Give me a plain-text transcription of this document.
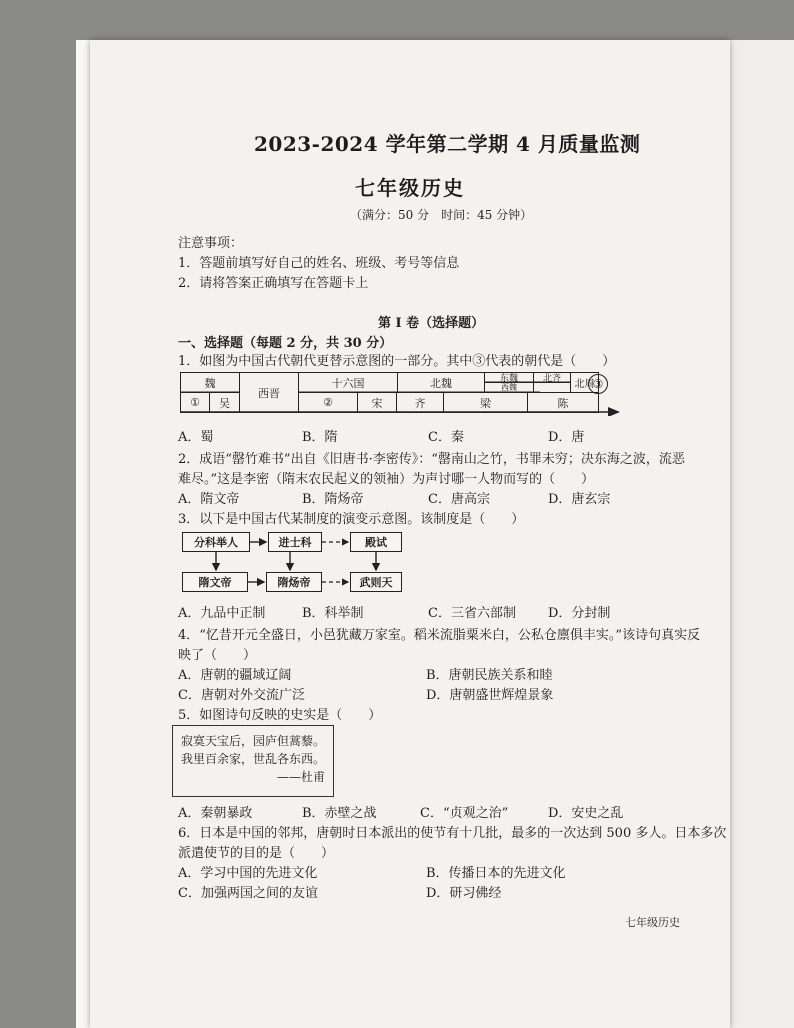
2023-2024 学年第二学期 4 月质量监测
七年级历史
（满分：50 分　时间：45 分钟）
注意事项：
1．答题前填写好自己的姓名、班级、考号等信息
2．请将答案正确填写在答题卡上
第 I 卷（选择题）
一、选择题（每题 2 分，共 30 分）
1．如图为中国古代朝代更替示意图的一部分。其中③代表的朝代是（　　）
魏
①	吴
西晋
十六国	北魏	东魏
西魏
北齐	北周
②	宋	齐	梁	陈
③
A．蜀	B．隋	C．秦	D．唐
2．成语“罄竹难书”出自《旧唐书·李密传》：“罄南山之竹，书罪未穷；决东海之波，流恶
难尽。”这是李密（隋末农民起义的领袖）为声讨哪一人物而写的（　　）
A．隋文帝	B．隋炀帝	C．唐高宗	D．唐玄宗
3．以下是中国古代某制度的演变示意图。该制度是（　　）
分科举人	进士科	殿试
隋文帝	隋炀帝	武则天
A．九品中正制	B．科举制	C．三省六部制 D．分封制
4．“忆昔开元全盛日，小邑犹藏万家室。稻米流脂粟米白，公私仓廪俱丰实。”该诗句真实反
映了（　　）
A．唐朝的疆域辽阔	B．唐朝民族关系和睦
C．唐朝对外交流广泛	D．唐朝盛世辉煌景象
5．如图诗句反映的史实是（　　）
寂寞天宝后，园庐但蒿藜。
我里百余家，世乱各东西。
——杜甫
A．秦朝暴政	B．赤壁之战	C．“贞观之治”	D．安史之乱
6．日本是中国的邻邦，唐朝时日本派出的使节有十几批，最多的一次达到 500 多人。日本多次
派遣使节的目的是（　　）
A．学习中国的先进文化	B．传播日本的先进文化
C．加强两国之间的友谊	D．研习佛经
七年级历史
